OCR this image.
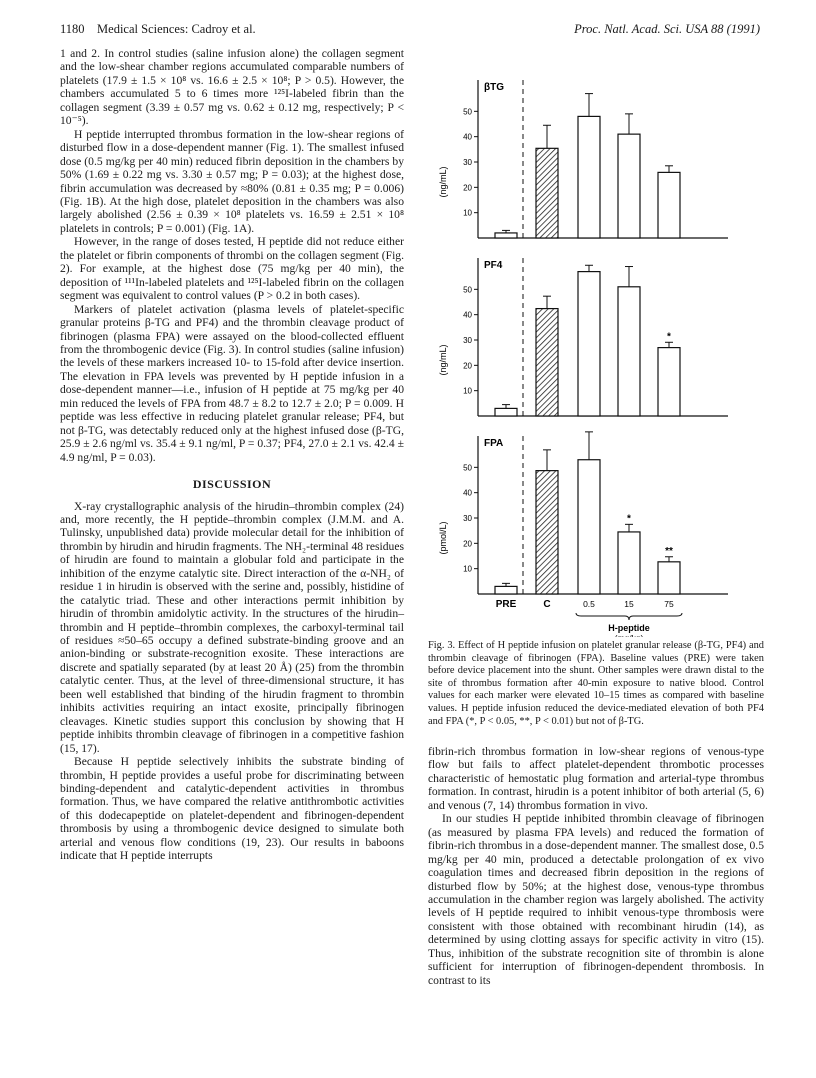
1180    Medical Sciences: Cadroy et al.	Proc. Natl. Acad. Sci. USA 88 (1991)

1 and 2. In control studies (saline infusion alone) the collagen segment and the low-shear chamber regions accumulated comparable numbers of platelets (17.9 ± 1.5 × 10⁸ vs. 16.6 ± 2.5 × 10⁸; P > 0.5). However, the chambers accumulated 5 to 6 times more ¹²⁵I-labeled fibrin than the collagen segment (3.39 ± 0.57 mg vs. 0.62 ± 0.12 mg, respectively; P < 10⁻⁵).

H peptide interrupted thrombus formation in the low-shear regions of disturbed flow in a dose-dependent manner (Fig. 1). The smallest infused dose (0.5 mg/kg per 40 min) reduced fibrin deposition in the chambers by 50% (1.69 ± 0.22 mg vs. 3.30 ± 0.57 mg; P = 0.03); at the highest dose, fibrin accumulation was decreased by ≈80% (0.81 ± 0.35 mg; P = 0.006) (Fig. 1B). At the high dose, platelet deposition in the chambers was also largely abolished (2.56 ± 0.39 × 10⁸ platelets vs. 16.59 ± 2.51 × 10⁸ platelets in controls; P = 0.001) (Fig. 1A).

However, in the range of doses tested, H peptide did not reduce either the platelet or fibrin components of thrombi on the collagen segment (Fig. 2). For example, at the highest dose (75 mg/kg per 40 min), the deposition of ¹¹¹In-labeled platelets and ¹²⁵I-labeled fibrin on the collagen segment was equivalent to control values (P > 0.2 in both cases).

Markers of platelet activation (plasma levels of platelet-specific granular proteins β-TG and PF4) and the thrombin cleavage product of fibrinogen (plasma FPA) were assayed on the blood-collected effluent from the thrombogenic device (Fig. 3). In control studies (saline infusion) the levels of these markers increased 10- to 15-fold after device insertion. The elevation in FPA levels was prevented by H peptide infusion in a dose-dependent manner—i.e., infusion of H peptide at 75 mg/kg per 40 min reduced the levels of FPA from 48.7 ± 8.2 to 12.7 ± 2.0; P = 0.009. H peptide was less effective in reducing platelet granular release; PF4, but not β-TG, was detectably reduced only at the highest infused dose (β-TG, 25.9 ± 2.6 ng/ml vs. 35.4 ± 9.1 ng/ml, P = 0.37; PF4, 27.0 ± 2.1 vs. 42.4 ± 4.9 ng/ml, P = 0.03).

DISCUSSION

X-ray crystallographic analysis of the hirudin–thrombin complex (24) and, more recently, the H peptide–thrombin complex (J.M.M. and A. Tulinsky, unpublished data) provide molecular detail for the inhibition of thrombin by hirudin and hirudin fragments. The NH₂-terminal 48 residues of hirudin are found to maintain a globular fold and participate in the inhibition of the enzyme catalytic site. Direct interaction of the α-NH₂ of residue 1 in hirudin is observed with the serine and, possibly, histidine of the catalytic triad. These and other interactions permit inhibition by hirudin of thrombin amidolytic activity. In the structures of the hirudin–thrombin and H peptide–thrombin complexes, the carboxyl-terminal tail of residues ≈50–65 occupy a defined substrate-binding groove and an anion-binding or substrate-recognition exosite. These interactions are discrete and spatially separated (by at least 20 Å) (25) from the thrombin catalytic center. Thus, at the level of three-dimensional structure, it has been well established that binding of the hirudin fragment to thrombin inhibits activities requiring an intact exosite, principally fibrinogen cleavages. Kinetic studies support this conclusion by showing that H peptide inhibits thrombin cleavage of fibrinogen in a competitive fashion (15, 17).

Because H peptide selectively inhibits the substrate binding of thrombin, H peptide provides a useful probe for discriminating between binding-dependent and catalytic-dependent activities in thrombus formation. Thus, we have compared the relative antithrombotic activities of this dodecapeptide on platelet-dependent and fibrinogen-dependent thrombosis by using a thrombogenic device designed to simulate both arterial and venous flow conditions (19, 23). Our results in baboons indicate that H peptide interrupts

βTG
(ng/mL)
10
20
30
40
50
PF4
(ng/mL)
10
20
30
40
50
*
FPA
(pmol/L)
10
20
30
40
50
*
**
PRE	C	0.5	15	75
H-peptide
Fig. 3. Effect of H peptide infusion on platelet granular release (β-TG, PF4) and thrombin cleavage of fibrinogen (FPA). Baseline values (PRE) were taken before device placement into the shunt. Other samples were drawn distal to the site of thrombus formation after 40-min exposure to native blood. Control values for each marker were elevated 10–15 times as compared with baseline values. H peptide infusion reduced the device-mediated elevation of both PF4 and FPA (*, P < 0.05, **, P < 0.01) but not of β-TG.

fibrin-rich thrombus formation in low-shear regions of venous-type flow but fails to affect platelet-dependent thrombotic processes characteristic of hemostatic plug formation and arterial-type thrombus formation. In contrast, hirudin is a potent inhibitor of both arterial (5, 6) and venous (7, 14) thrombus formation in vivo.

In our studies H peptide inhibited thrombin cleavage of fibrinogen (as measured by plasma FPA levels) and reduced the formation of fibrin-rich thrombus in a dose-dependent manner. The smallest dose, 0.5 mg/kg per 40 min, produced a detectable prolongation of ex vivo coagulation times and decreased fibrin deposition in the regions of disturbed flow by 50%; at the highest dose, venous-type thrombus accumulation in the chamber region was largely abolished. The activity levels of H peptide required to inhibit venous-type thrombosis were consistent with those obtained with recombinant hirudin (14), as determined by using clotting assays for specific activity in vitro (15). Thus, inhibition of the substrate recognition site of thrombin is alone sufficient for interruption of fibrinogen-dependent thrombosis. In contrast to its
